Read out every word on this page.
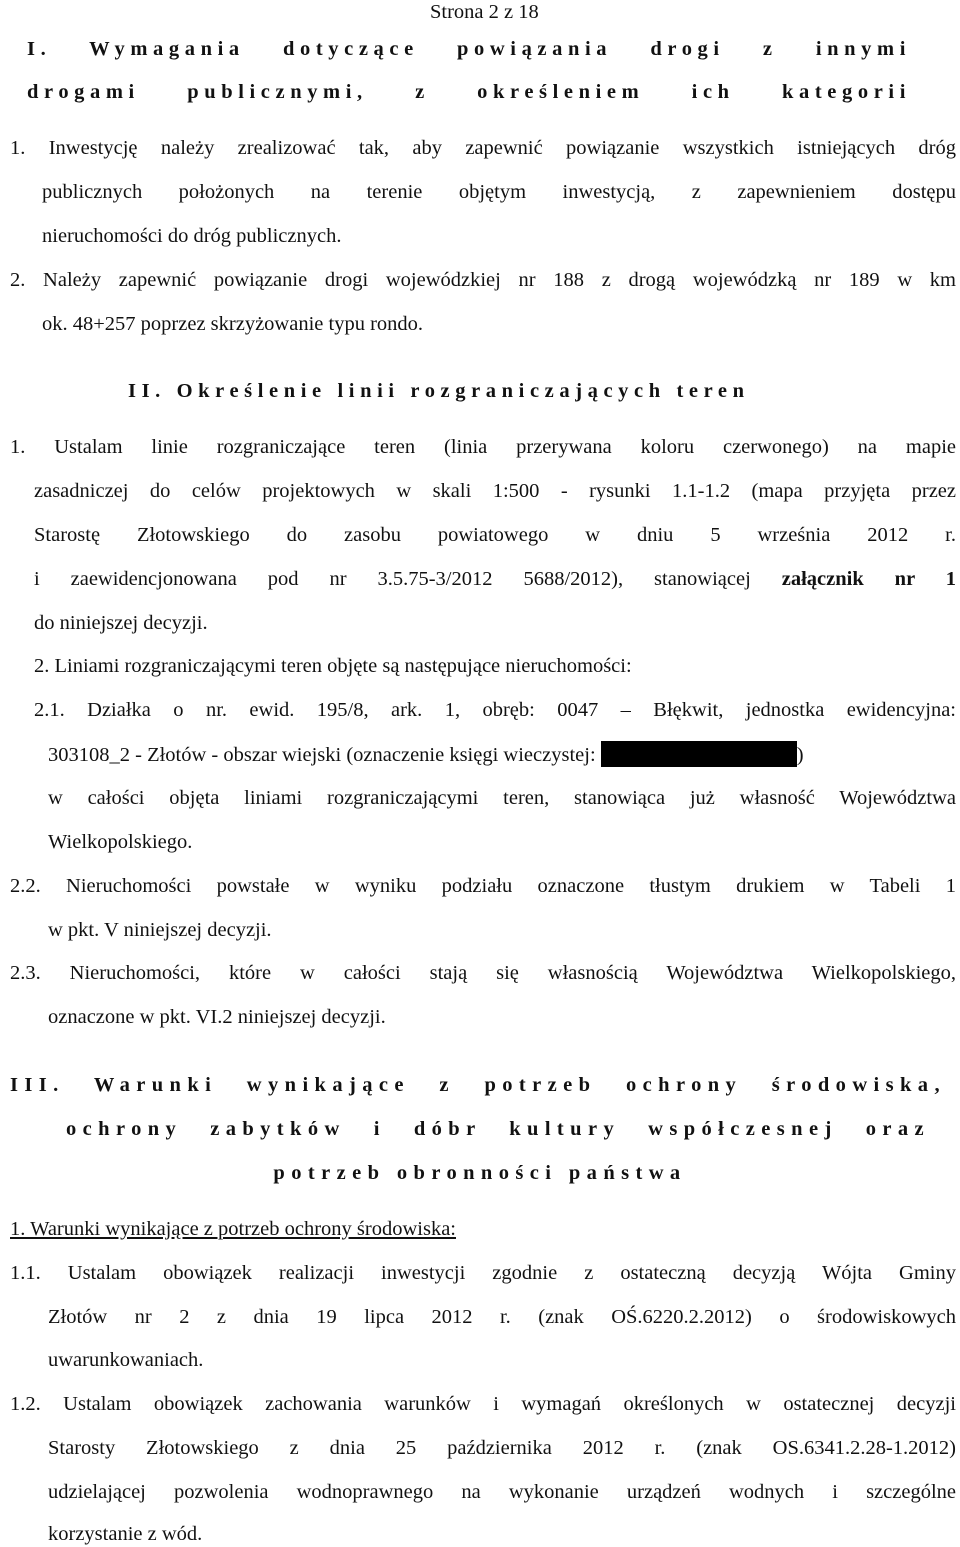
Strona 2 z 18
I. Wymagania dotyczące powiązania drogi z innymi
drogami publicznymi, z określeniem ich kategorii
1. Inwestycję należy zrealizować tak, aby zapewnić powiązanie wszystkich istniejących dróg
publicznych położonych na terenie objętym inwestycją, z zapewnieniem dostępu
nieruchomości do dróg publicznych.
2. Należy zapewnić powiązanie drogi wojewódzkiej nr 188 z drogą wojewódzką nr 189 w km
ok. 48+257 poprzez skrzyżowanie typu rondo.
II. Określenie linii rozgraniczających teren
1. Ustalam linie rozgraniczające teren (linia przerywana koloru czerwonego) na mapie
zasadniczej do celów projektowych w skali 1:500 - rysunki 1.1-1.2 (mapa przyjęta przez
Starostę Złotowskiego do zasobu powiatowego w dniu 5 września 2012 r.
i zaewidencjonowana pod nr 3.5.75-3/2012 5688/2012), stanowiącej załącznik nr 1
do niniejszej decyzji.
2. Liniami rozgraniczającymi teren objęte są następujące nieruchomości:
2.1. Działka o nr. ewid. 195/8, ark. 1, obręb: 0047 – Błękwit, jednostka ewidencyjna:
303108_2 - Złotów - obszar wiejski (oznaczenie księgi wieczystej:	)
w całości objęta liniami rozgraniczającymi teren, stanowiąca już własność Województwa
Wielkopolskiego.
2.2. Nieruchomości powstałe w wyniku podziału oznaczone tłustym drukiem w Tabeli 1
w pkt. V niniejszej decyzji.
2.3. Nieruchomości, które w całości stają się własnością Województwa Wielkopolskiego,
oznaczone w pkt. VI.2 niniejszej decyzji.
III. Warunki wynikające z potrzeb ochrony środowiska,
ochrony zabytków i dóbr kultury współczesnej oraz
potrzeb obronności państwa
1. Warunki wynikające z potrzeb ochrony środowiska:
1.1. Ustalam obowiązek realizacji inwestycji zgodnie z ostateczną decyzją Wójta Gminy
Złotów nr 2 z dnia 19 lipca 2012 r. (znak OŚ.6220.2.2012) o środowiskowych
uwarunkowaniach.
1.2. Ustalam obowiązek zachowania warunków i wymagań określonych w ostatecznej decyzji
Starosty Złotowskiego z dnia 25 października 2012 r. (znak OS.6341.2.28-1.2012)
udzielającej pozwolenia wodnoprawnego na wykonanie urządzeń wodnych i szczególne
korzystanie z wód.
